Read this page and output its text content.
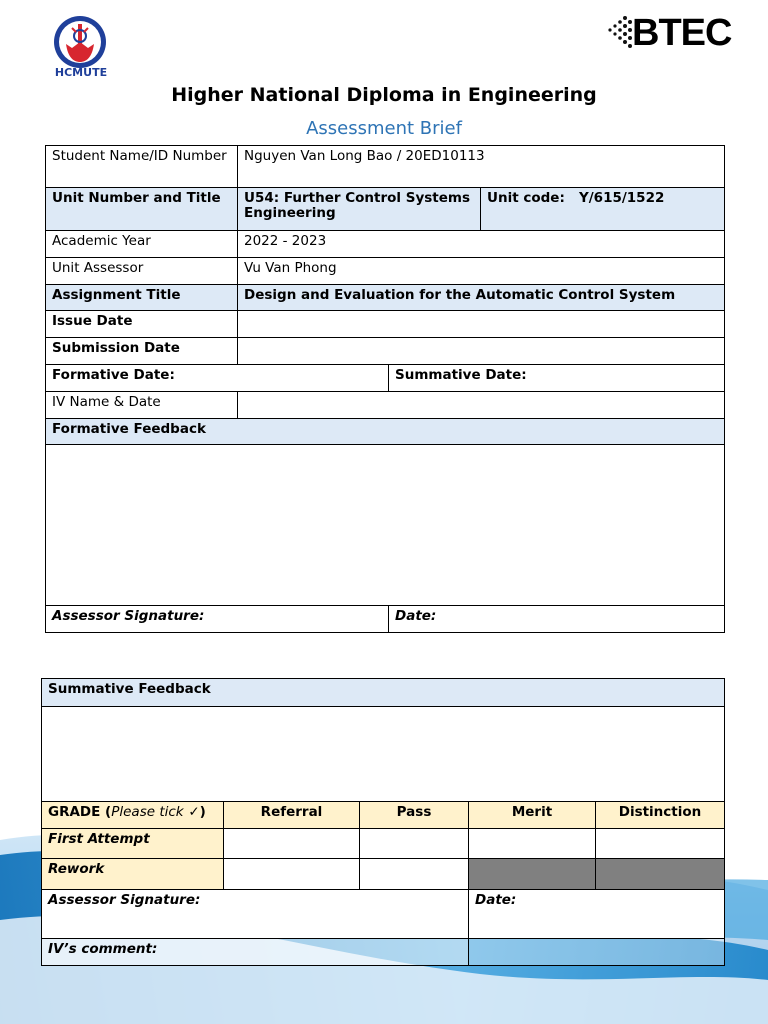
HCMUTE
BTEC
Higher National Diploma in Engineering
Assessment Brief
Student Name/ID Number	Nguyen Van Long Bao / 20ED10113		
Unit Number and Title	U54: Further Control Systems Engineering		Unit code: Y/615/1522
Academic Year	2022 - 2023		
Unit Assessor	Vu Van Phong		
Assignment Title	Design and Evaluation for the Automatic Control System		
Issue Date			
Submission Date			
Formative Date:		Summative Date:	
IV Name & Date			
Formative Feedback			

Assessor Signature:		Date:	
Summative Feedback				

GRADE (Please tick ✓)	Referral	Pass	Merit	Distinction
First Attempt				
Rework				
Assessor Signature:			Date:	
IV’s comment:				
